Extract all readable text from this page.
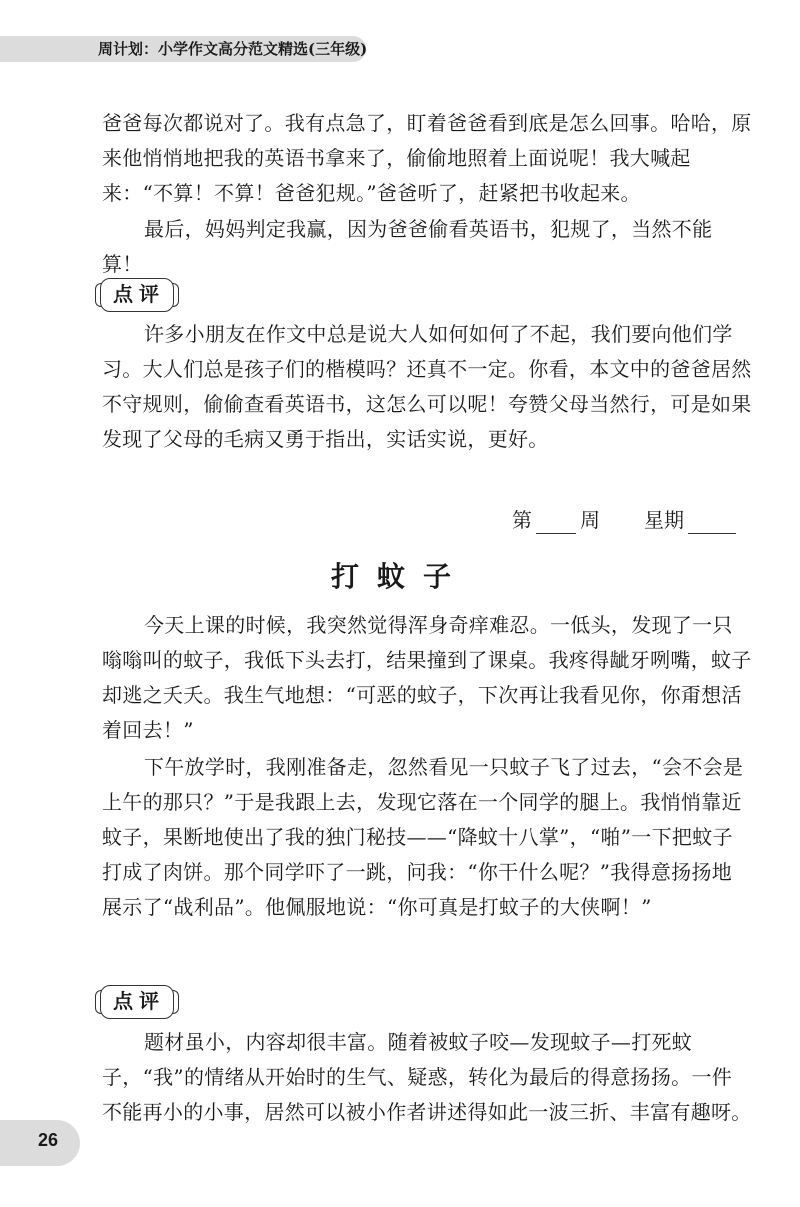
周计划：小学作文高分范文精选(三年级)

爸爸每次都说对了。我有点急了，盯着爸爸看到底是怎么回事。哈哈，原来他悄悄地把我的英语书拿来了，偷偷地照着上面说呢！我大喊起来：“不算！不算！爸爸犯规。”爸爸听了，赶紧把书收起来。

最后，妈妈判定我赢，因为爸爸偷看英语书，犯规了，当然不能算！

点评

许多小朋友在作文中总是说大人如何如何了不起，我们要向他们学习。大人们总是孩子们的楷模吗？还真不一定。你看，本文中的爸爸居然不守规则，偷偷查看英语书，这怎么可以呢！夸赞父母当然行，可是如果发现了父母的毛病又勇于指出，实话实说，更好。

第 周 星期
打蚊子

今天上课的时候，我突然觉得浑身奇痒难忍。一低头，发现了一只嗡嗡叫的蚊子，我低下头去打，结果撞到了课桌。我疼得龇牙咧嘴，蚊子却逃之夭夭。我生气地想：“可恶的蚊子，下次再让我看见你，你甭想活着回去！”

下午放学时，我刚准备走，忽然看见一只蚊子飞了过去，“会不会是上午的那只？”于是我跟上去，发现它落在一个同学的腿上。我悄悄靠近蚊子，果断地使出了我的独门秘技——“降蚊十八掌”，“啪”一下把蚊子打成了肉饼。那个同学吓了一跳，问我：“你干什么呢？”我得意扬扬地展示了“战利品”。他佩服地说：“你可真是打蚊子的大侠啊！”

点评

题材虽小，内容却很丰富。随着被蚊子咬—发现蚊子—打死蚊子，“我”的情绪从开始时的生气、疑惑，转化为最后的得意扬扬。一件不能再小的小事，居然可以被小作者讲述得如此一波三折、丰富有趣呀。

26
